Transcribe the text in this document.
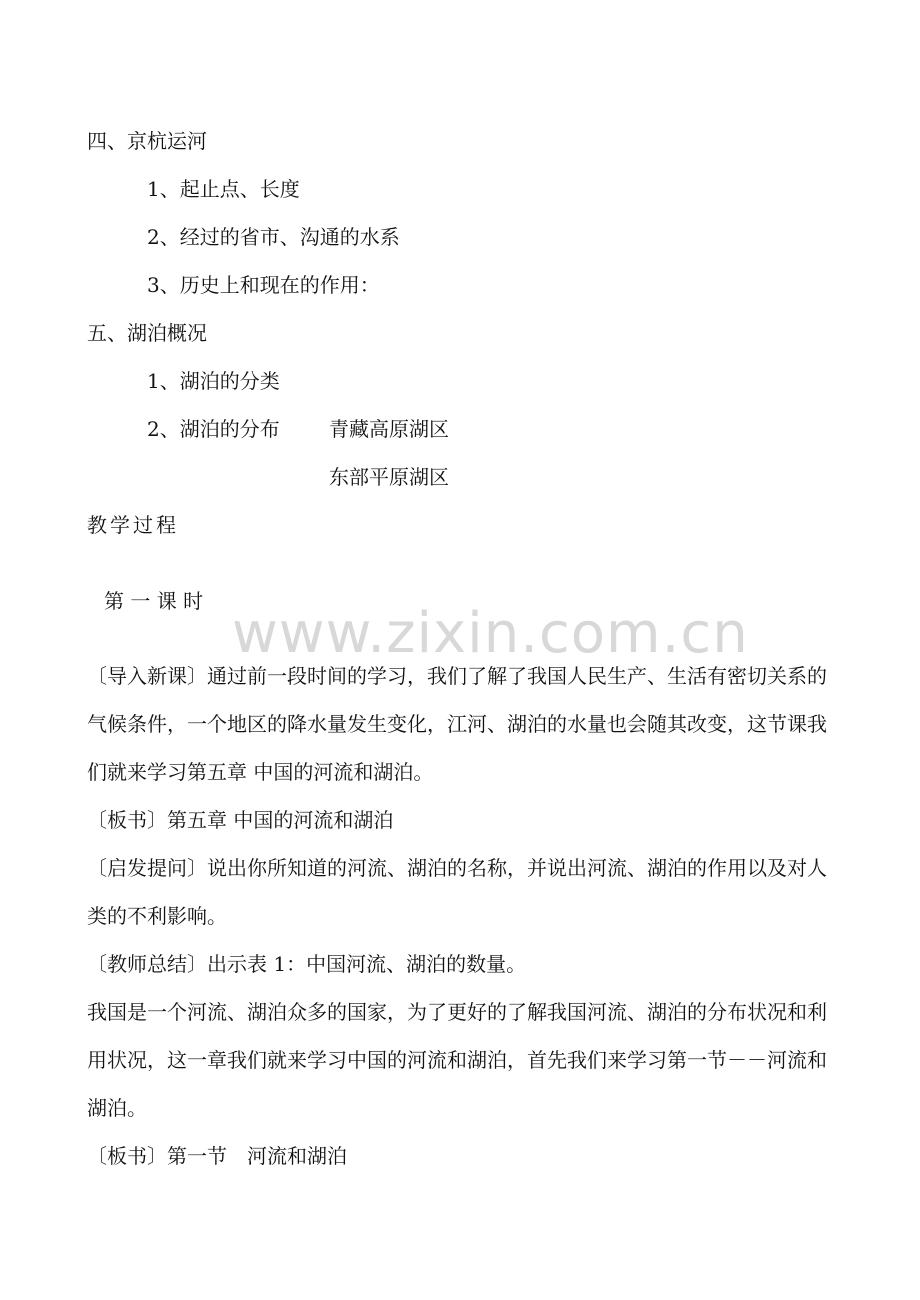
四、京杭运河
1、起止点、长度
2、经过的省市、沟通的水系
3、历史上和现在的作用：
五、湖泊概况
1、湖泊的分类
2、湖泊的分布 青藏高原湖区
东部平原湖区
教学过程
第 一 课 时 www.zixin.com.cn
〔导入新课〕通过前一段时间的学习，我们了解了我国人民生产、生活有密切关系的气候条件，一个地区的降水量发生变化，江河、湖泊的水量也会随其改变，这节课我们就来学习第五章 中国的河流和湖泊。
〔板书〕第五章 中国的河流和湖泊
〔启发提问〕说出你所知道的河流、湖泊的名称，并说出河流、湖泊的作用以及对人类的不利影响。
〔教师总结〕出示表 1：中国河流、湖泊的数量。
我国是一个河流、湖泊众多的国家，为了更好的了解我国河流、湖泊的分布状况和利用状况，这一章我们就来学习中国的河流和湖泊，首先我们来学习第一节－－河流和湖泊。
〔板书〕第一节　河流和湖泊
